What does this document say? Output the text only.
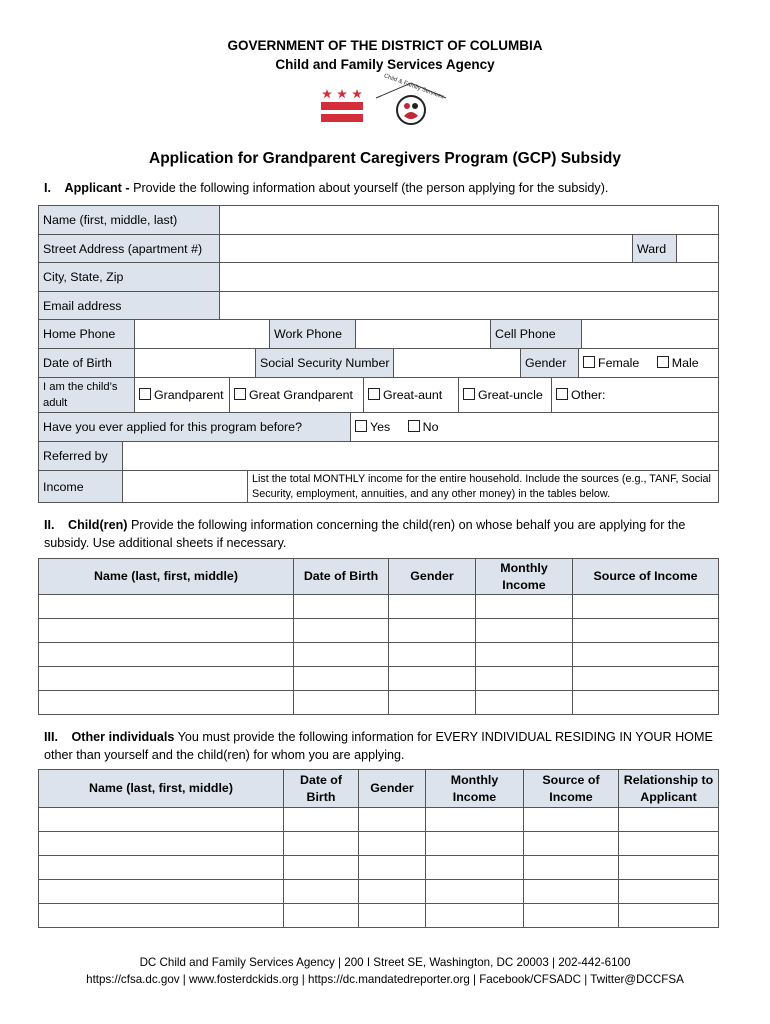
GOVERNMENT OF THE DISTRICT OF COLUMBIA
Child and Family Services Agency
Child & Family Services
Application for Grandparent Caregivers Program (GCP) Subsidy
I. Applicant - Provide the following information about yourself (the person applying for the subsidy).
Name (first, middle, last)			
Street Address (apartment #)		Ward	
City, State, Zip			
Email address			
Home Phone		Work Phone		Cell Phone	
Date of Birth		Social Security Number		Gender	Female	Male
I am the child’s adult	Grandparent	Great Grandparent	Great-aunt	Great-uncle	Other:
Have you ever applied for this program before?	Yes	No
Referred by		
Income		List the total MONTHLY income for the entire household. Include the sources (e.g., TANF, Social Security, employment, annuities, and any other money) in the tables below.
II. Child(ren) Provide the following information concerning the child(ren) on whose behalf you are applying for the subsidy. Use additional sheets if necessary.
Name (last, first, middle)	Date of Birth	Gender	Monthly Income	Source of Income

III. Other individuals You must provide the following information for EVERY INDIVIDUAL RESIDING IN YOUR HOME other than yourself and the child(ren) for whom you are applying.
Name (last, first, middle)	Date of Birth	Gender	Monthly Income	Source of Income	Relationship to Applicant

DC Child and Family Services Agency | 200 I Street SE, Washington, DC 20003 | 202-442-6100
https://cfsa.dc.gov | www.fosterdckids.org | https://dc.mandatedreporter.org | Facebook/CFSADC | Twitter@DCCFSA
